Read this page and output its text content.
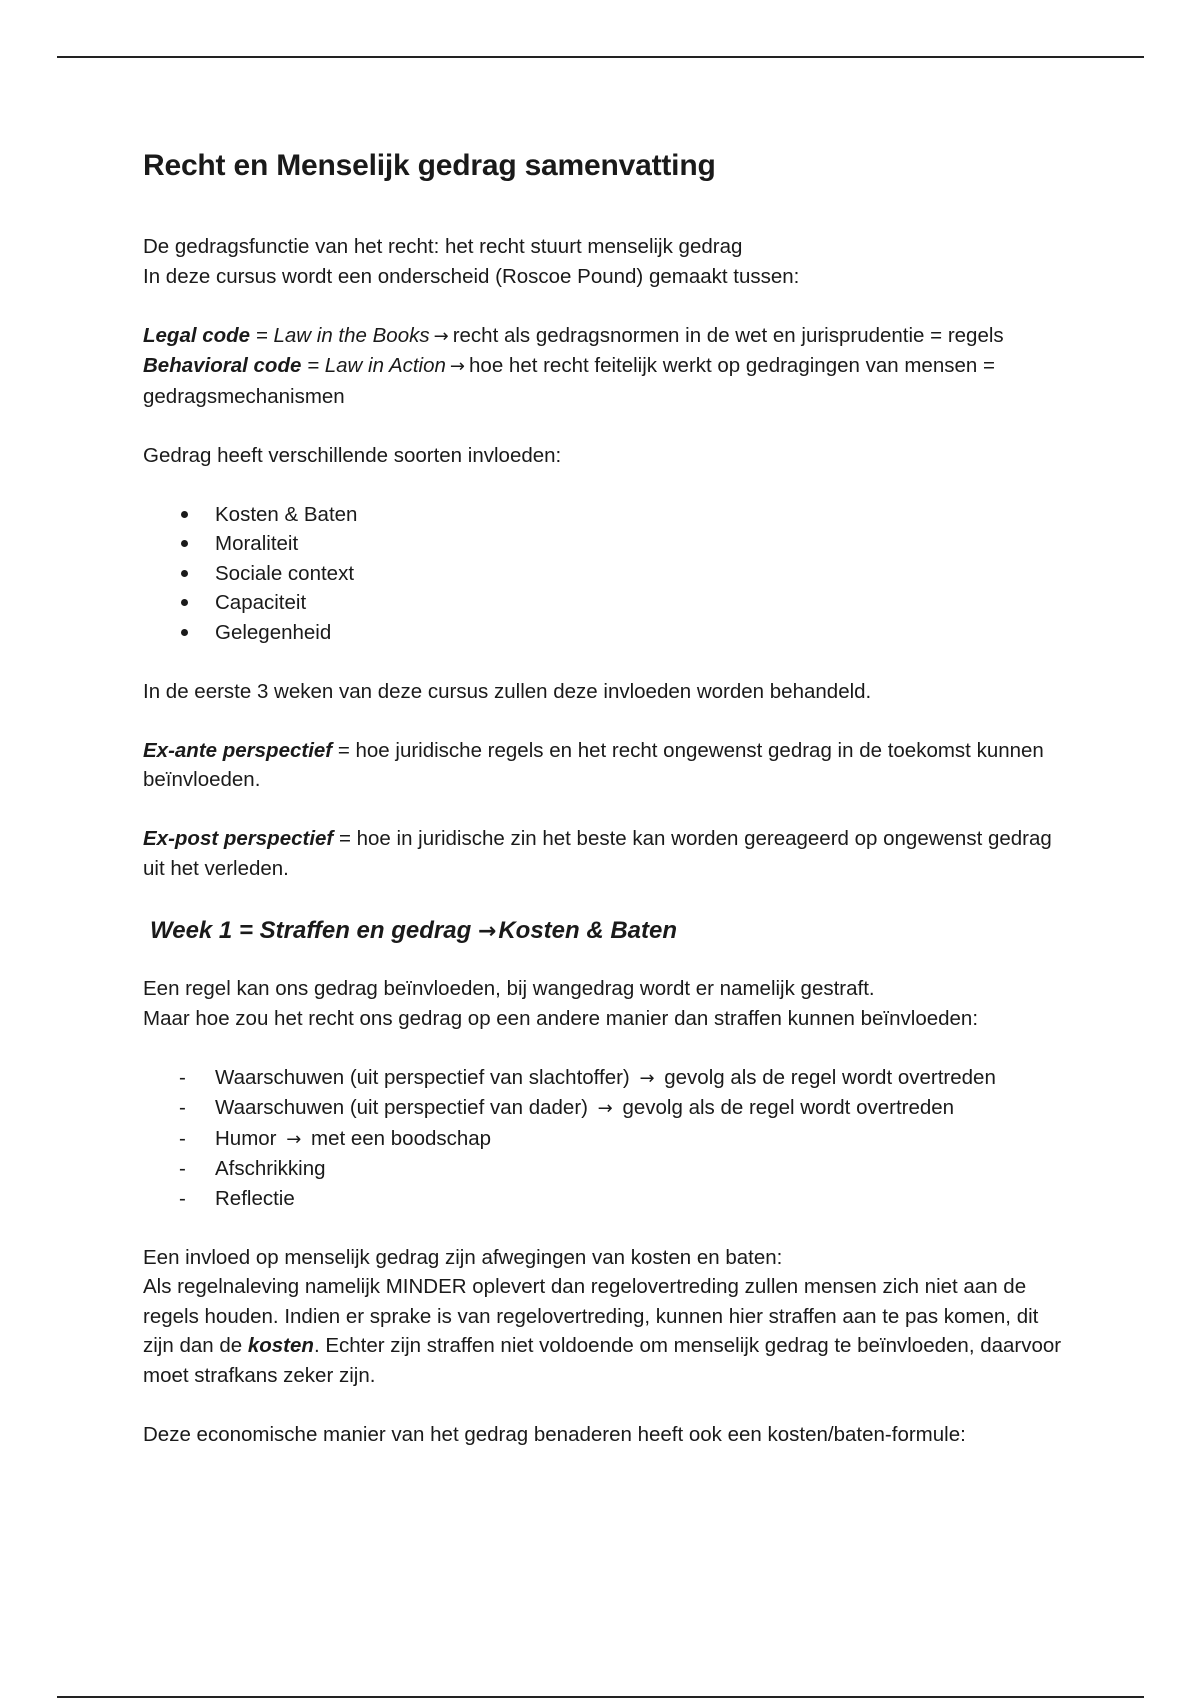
Recht en Menselijk gedrag samenvatting

De gedragsfunctie van het recht: het recht stuurt menselijk gedrag
In deze cursus wordt een onderscheid (Roscoe Pound) gemaakt tussen:

Legal code = Law in the Books → recht als gedragsnormen in de wet en jurisprudentie = regels
Behavioral code = Law in Action → hoe het recht feitelijk werkt op gedragingen van mensen = gedragsmechanismen

Gedrag heeft verschillende soorten invloeden:

Kosten & Baten
Moraliteit
Sociale context
Capaciteit
Gelegenheid

In de eerste 3 weken van deze cursus zullen deze invloeden worden behandeld.

Ex-ante perspectief = hoe juridische regels en het recht ongewenst gedrag in de toekomst kunnen beïnvloeden.

Ex-post perspectief = hoe in juridische zin het beste kan worden gereageerd op ongewenst gedrag uit het verleden.

Week 1 = Straffen en gedrag →Kosten & Baten

Een regel kan ons gedrag beïnvloeden, bij wangedrag wordt er namelijk gestraft.
Maar hoe zou het recht ons gedrag op een andere manier dan straffen kunnen beïnvloeden:

- Waarschuwen (uit perspectief van slachtoffer) → gevolg als de regel wordt overtreden
- Waarschuwen (uit perspectief van dader) → gevolg als de regel wordt overtreden
- Humor → met een boodschap
- Afschrikking
- Reflectie

Een invloed op menselijk gedrag zijn afwegingen van kosten en baten:
Als regelnaleving namelijk MINDER oplevert dan regelovertreding zullen mensen zich niet aan de regels houden. Indien er sprake is van regelovertreding, kunnen hier straffen aan te pas komen, dit zijn dan de kosten. Echter zijn straffen niet voldoende om menselijk gedrag te beïnvloeden, daarvoor moet strafkans zeker zijn.

Deze economische manier van het gedrag benaderen heeft ook een kosten/baten-formule:
